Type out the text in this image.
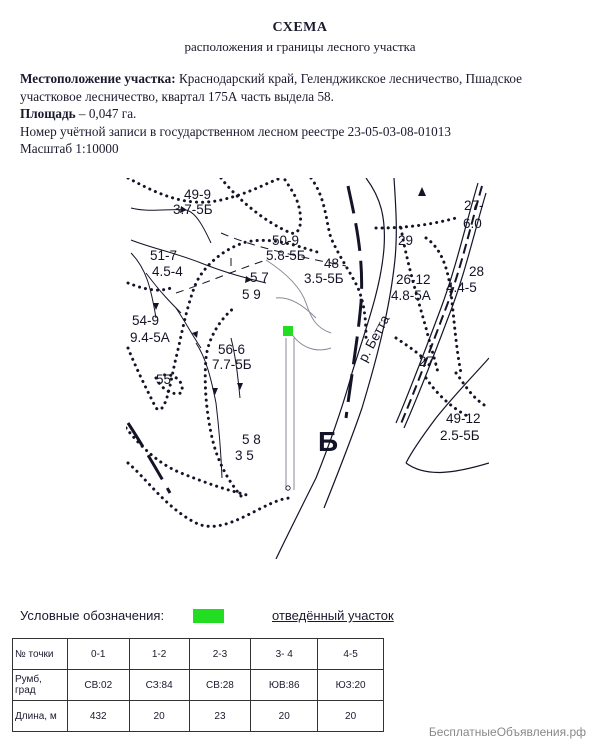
СХЕМА
расположения и границы лесного участка
Местоположение участка: Краснодарский край, Геленджикское лесничество, Пшадское участковое лесничество, квартал 175А часть выдела 58.
Площадь – 0,047 га.
Номер учётной записи в государственном лесном реестре 23-05-03-08-01013
Масштаб 1:10000
49-9
3.7-5Б
50-9
5.8-5Б
48
3.5-5Б
51-7
4.5-4	5 7
5 9
54-9
9.4-5А
56-6
7.7-5Б
55
5 8
3 5
29
27-
6.0
28
4.4-5
26-12
4.8-5А
27.
49-12
2.5-5Б
р. Бетта
Б
Условные обозначения:	отведённый участок
№ точки	0-1	1-2	2-3	3- 4	4-5
Румб, град	СВ:02	СЗ:84	СВ:28	ЮВ:86	ЮЗ:20
Длина, м	432	20	23	20	20
БесплатныеОбъявления.рф
